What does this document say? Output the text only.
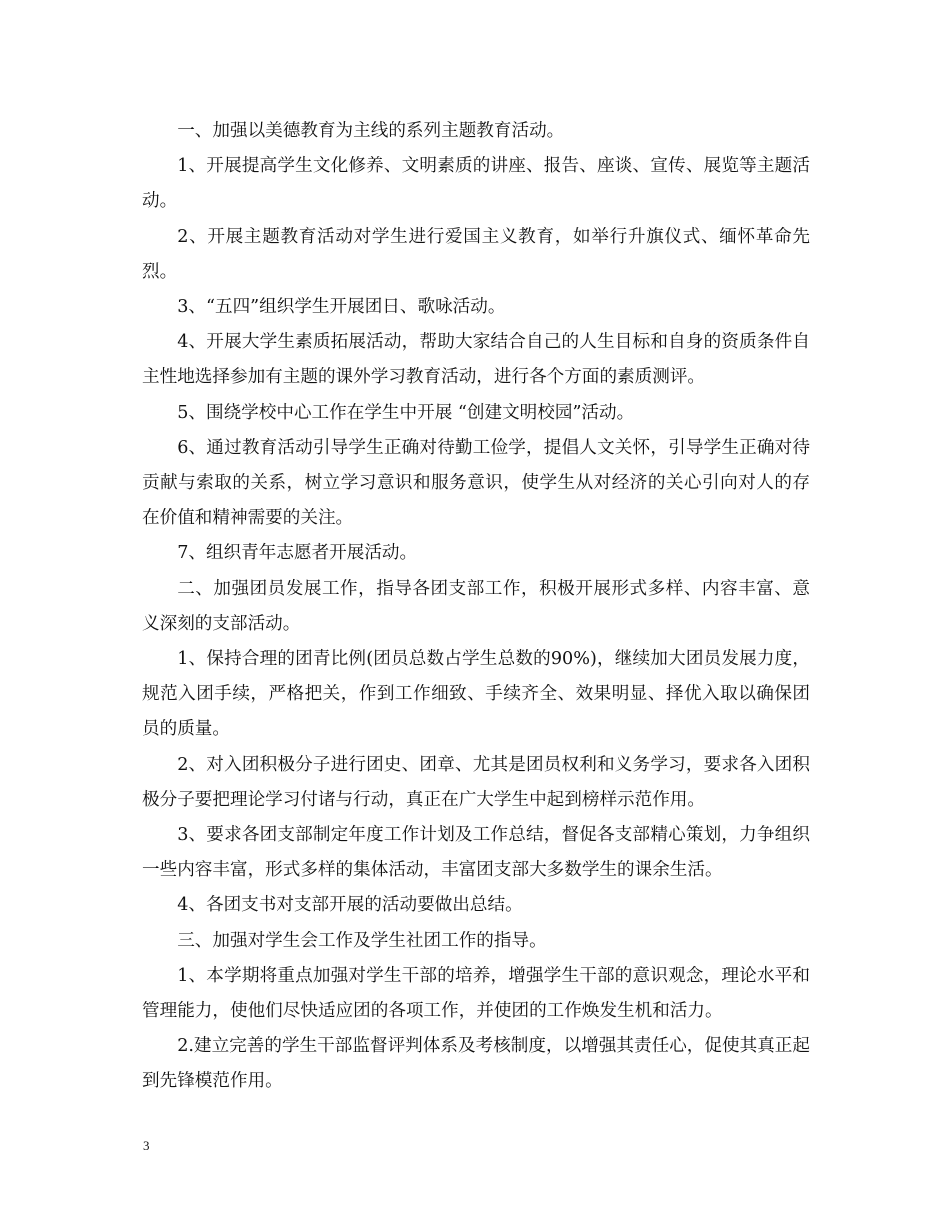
一、加强以美德教育为主线的系列主题教育活动。

1、开展提高学生文化修养、文明素质的讲座、报告、座谈、宣传、展览等主题活动。

2、开展主题教育活动对学生进行爱国主义教育，如举行升旗仪式、缅怀革命先烈。

3、“五四”组织学生开展团日、歌咏活动。

4、开展大学生素质拓展活动，帮助大家结合自己的人生目标和自身的资质条件自主性地选择参加有主题的课外学习教育活动，进行各个方面的素质测评。

5、围绕学校中心工作在学生中开展 “创建文明校园”活动。

6、通过教育活动引导学生正确对待勤工俭学，提倡人文关怀，引导学生正确对待贡献与索取的关系，树立学习意识和服务意识，使学生从对经济的关心引向对人的存在价值和精神需要的关注。

7、组织青年志愿者开展活动。

二、加强团员发展工作，指导各团支部工作，积极开展形式多样、内容丰富、意义深刻的支部活动。

1、保持合理的团青比例(团员总数占学生总数的90%)，继续加大团员发展力度，规范入团手续，严格把关，作到工作细致、手续齐全、效果明显、择优入取以确保团员的质量。

2、对入团积极分子进行团史、团章、尤其是团员权利和义务学习，要求各入团积极分子要把理论学习付诸与行动，真正在广大学生中起到榜样示范作用。

3、要求各团支部制定年度工作计划及工作总结，督促各支部精心策划，力争组织一些内容丰富，形式多样的集体活动，丰富团支部大多数学生的课余生活。

4、各团支书对支部开展的活动要做出总结。

三、加强对学生会工作及学生社团工作的指导。

1、本学期将重点加强对学生干部的培养，增强学生干部的意识观念，理论水平和管理能力，使他们尽快适应团的各项工作，并使团的工作焕发生机和活力。

2.建立完善的学生干部监督评判体系及考核制度，以增强其责任心，促使其真正起到先锋模范作用。

3
